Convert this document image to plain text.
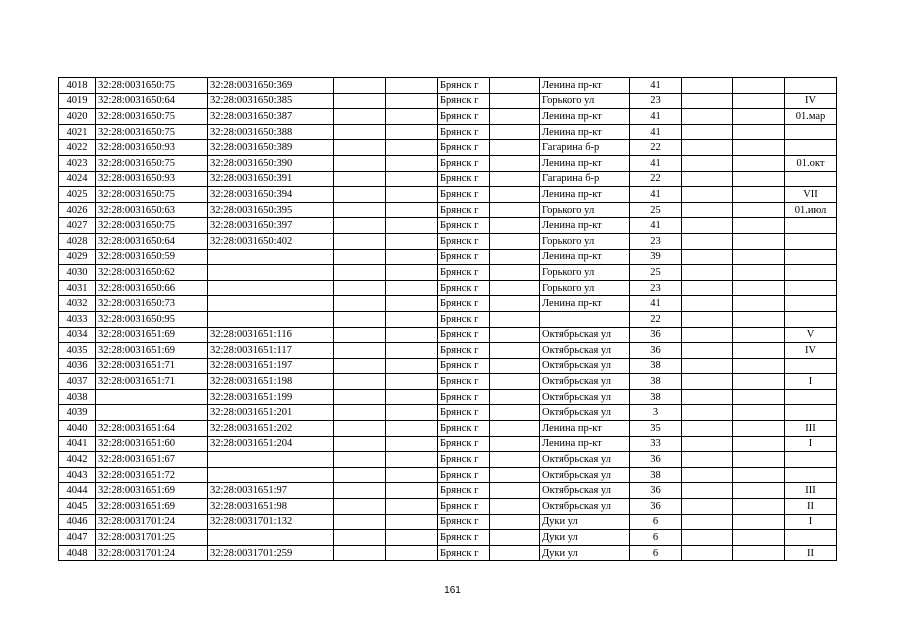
4018	32:28:0031650:75	32:28:0031650:369			Брянск г		Ленина пр-кт	41			
4019	32:28:0031650:64	32:28:0031650:385			Брянск г		Горького ул	23			IV
4020	32:28:0031650:75	32:28:0031650:387			Брянск г		Ленина пр-кт	41			01.мар
4021	32:28:0031650:75	32:28:0031650:388			Брянск г		Ленина пр-кт	41			
4022	32:28:0031650:93	32:28:0031650:389			Брянск г		Гагарина б-р	22			
4023	32:28:0031650:75	32:28:0031650:390			Брянск г		Ленина пр-кт	41			01.окт
4024	32:28:0031650:93	32:28:0031650:391			Брянск г		Гагарина б-р	22			
4025	32:28:0031650:75	32:28:0031650:394			Брянск г		Ленина пр-кт	41			VII
4026	32:28:0031650:63	32:28:0031650:395			Брянск г		Горького ул	25			01.июл
4027	32:28:0031650:75	32:28:0031650:397			Брянск г		Ленина пр-кт	41			
4028	32:28:0031650:64	32:28:0031650:402			Брянск г		Горького ул	23			
4029	32:28:0031650:59				Брянск г		Ленина пр-кт	39			
4030	32:28:0031650:62				Брянск г		Горького ул	25			
4031	32:28:0031650:66				Брянск г		Горького ул	23			
4032	32:28:0031650:73				Брянск г		Ленина пр-кт	41			
4033	32:28:0031650:95				Брянск г			22			
4034	32:28:0031651:69	32:28:0031651:116			Брянск г		Октябрьская ул	36			V
4035	32:28:0031651:69	32:28:0031651:117			Брянск г		Октябрьская ул	36			IV
4036	32:28:0031651:71	32:28:0031651:197			Брянск г		Октябрьская ул	38			
4037	32:28:0031651:71	32:28:0031651:198			Брянск г		Октябрьская ул	38			I
4038		32:28:0031651:199			Брянск г		Октябрьская ул	38			
4039		32:28:0031651:201			Брянск г		Октябрьская ул	3			
4040	32:28:0031651:64	32:28:0031651:202			Брянск г		Ленина пр-кт	35			III
4041	32:28:0031651:60	32:28:0031651:204			Брянск г		Ленина пр-кт	33			I
4042	32:28:0031651:67				Брянск г		Октябрьская ул	36			
4043	32:28:0031651:72				Брянск г		Октябрьская ул	38			
4044	32:28:0031651:69	32:28:0031651:97			Брянск г		Октябрьская ул	36			III
4045	32:28:0031651:69	32:28:0031651:98			Брянск г		Октябрьская ул	36			II
4046	32:28:0031701:24	32:28:0031701:132			Брянск г		Дуки ул	6			I
4047	32:28:0031701:25				Брянск г		Дуки ул	6			
4048	32:28:0031701:24	32:28:0031701:259			Брянск г		Дуки ул	6			II
161
